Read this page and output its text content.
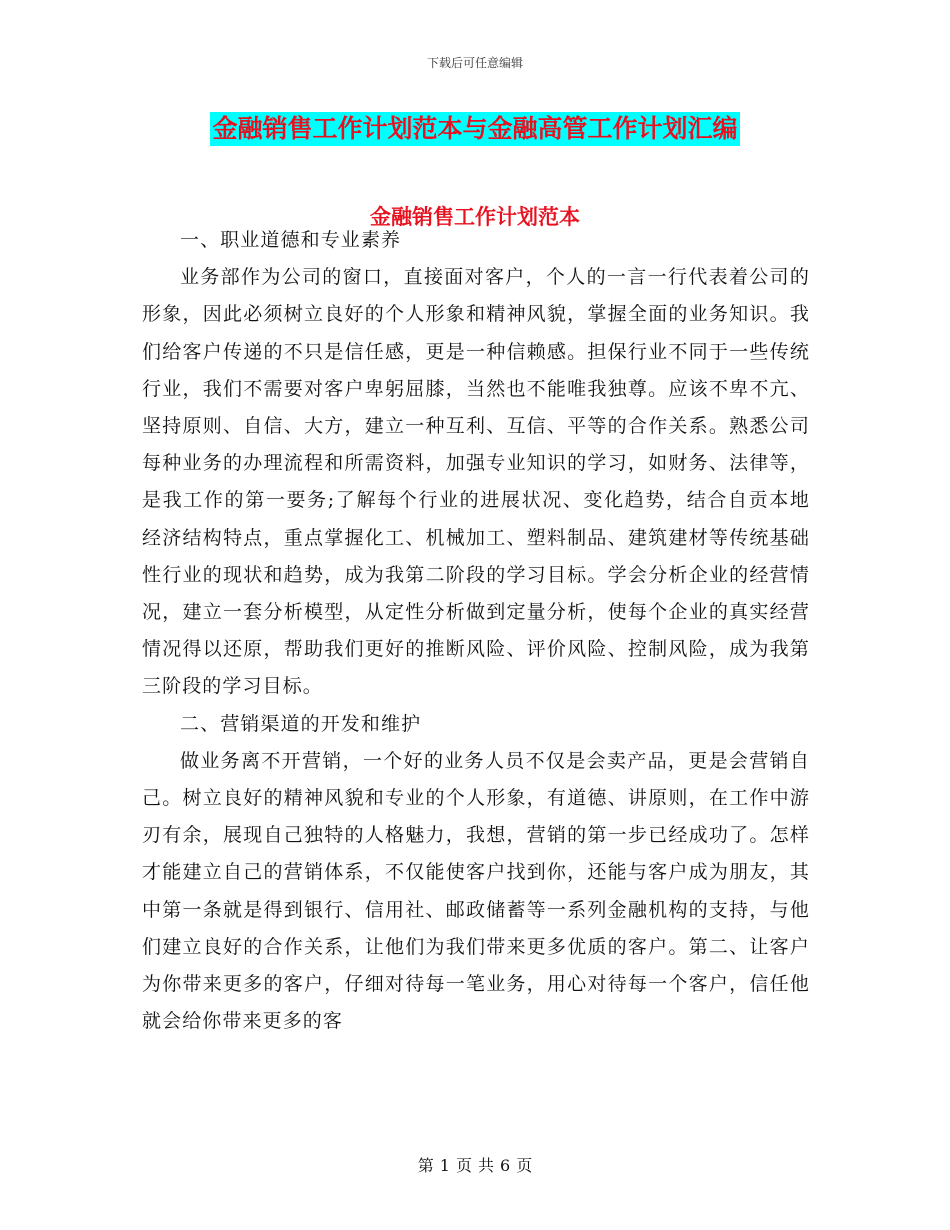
下载后可任意编辑
金融销售工作计划范本与金融高管工作计划汇编
金融销售工作计划范本

一、职业道德和专业素养

业务部作为公司的窗口，直接面对客户，个人的一言一行代表着公司的形象，因此必须树立良好的个人形象和精神风貌，掌握全面的业务知识。我们给客户传递的不只是信任感，更是一种信赖感。担保行业不同于一些传统行业，我们不需要对客户卑躬屈膝，当然也不能唯我独尊。应该不卑不亢、坚持原则、自信、大方，建立一种互利、互信、平等的合作关系。熟悉公司每种业务的办理流程和所需资料，加强专业知识的学习，如财务、法律等，是我工作的第一要务;了解每个行业的进展状况、变化趋势，结合自贡本地经济结构特点，重点掌握化工、机械加工、塑料制品、建筑建材等传统基础性行业的现状和趋势，成为我第二阶段的学习目标。学会分析企业的经营情况，建立一套分析模型，从定性分析做到定量分析，使每个企业的真实经营情况得以还原，帮助我们更好的推断风险、评价风险、控制风险，成为我第三阶段的学习目标。

二、营销渠道的开发和维护

做业务离不开营销，一个好的业务人员不仅是会卖产品，更是会营销自己。树立良好的精神风貌和专业的个人形象，有道德、讲原则，在工作中游刃有余，展现自己独特的人格魅力，我想，营销的第一步已经成功了。怎样才能建立自己的营销体系，不仅能使客户找到你，还能与客户成为朋友，其中第一条就是得到银行、信用社、邮政储蓄等一系列金融机构的支持，与他们建立良好的合作关系，让他们为我们带来更多优质的客户。第二、让客户为你带来更多的客户，仔细对待每一笔业务，用心对待每一个客户，信任他就会给你带来更多的客

第 1 页 共 6 页
